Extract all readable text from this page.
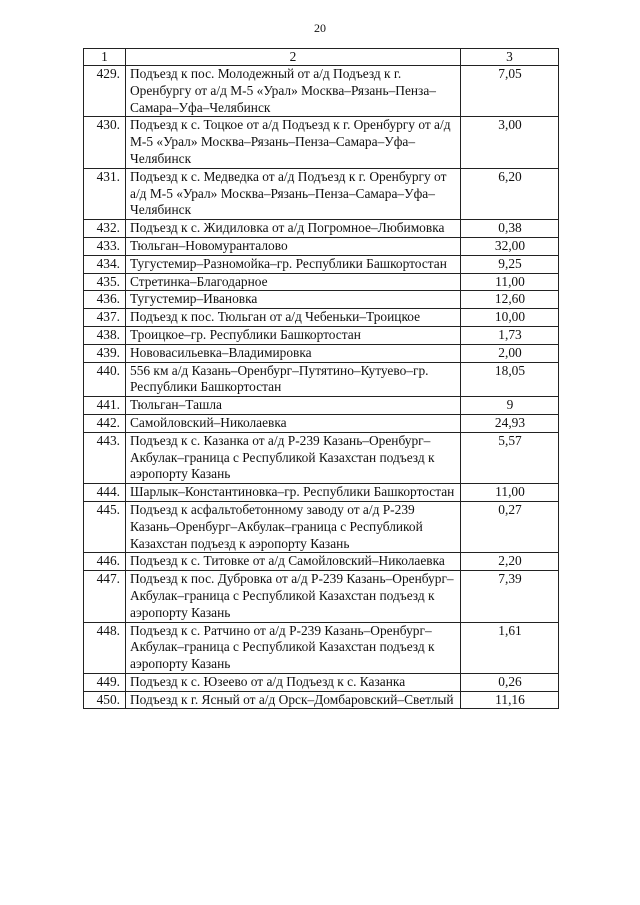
20
1	2	3
429.	Подъезд к пос. Молодежный от а/д Подъезд к г. Оренбургу от а/д М-5 «Урал» Москва–Рязань–Пенза–Самара–Уфа–Челябинск	7,05
430.	Подъезд к с. Тоцкое от а/д Подъезд к г. Оренбургу от а/д М-5 «Урал» Москва–Рязань–Пенза–Самара–Уфа–Челябинск	3,00
431.	Подъезд к с. Медведка от а/д Подъезд к г. Оренбургу от а/д М-5 «Урал» Москва–Рязань–Пенза–Самара–Уфа–Челябинск	6,20
432.	Подъезд к с. Жидиловка от а/д Погромное–Любимовка	0,38
433.	Тюльган–Новомуранталово	32,00
434.	Тугустемир–Разномойка–гр. Республики Башкортостан	9,25
435.	Стретинка–Благодарное	11,00
436.	Тугустемир–Ивановка	12,60
437.	Подъезд к пос. Тюльган от а/д Чебеньки–Троицкое	10,00
438.	Троицкое–гр. Республики Башкортостан	1,73
439.	Нововасильевка–Владимировка	2,00
440.	556 км а/д Казань–Оренбург–Путятино–Кутуево–гр. Республики Башкортостан	18,05
441.	Тюльган–Ташла	9
442.	Самойловский–Николаевка	24,93
443.	Подъезд к с. Казанка от а/д Р-239 Казань–Оренбург–Акбулак–граница с Республикой Казахстан подъезд к аэропорту Казань	5,57
444.	Шарлык–Константиновка–гр. Республики Башкортостан	11,00
445.	Подъезд к асфальтобетонному заводу от а/д Р-239 Казань–Оренбург–Акбулак–граница с Республикой Казахстан подъезд к аэропорту Казань	0,27
446.	Подъезд к с. Титовке от а/д Самойловский–Николаевка	2,20
447.	Подъезд к пос. Дубровка от а/д Р-239 Казань–Оренбург–Акбулак–граница с Республикой Казахстан подъезд к аэропорту Казань	7,39
448.	Подъезд к с. Ратчино от а/д Р-239 Казань–Оренбург–Акбулак–граница с Республикой Казахстан подъезд к аэропорту Казань	1,61
449.	Подъезд к с. Юзеево от а/д Подъезд к с. Казанка	0,26
450.	Подъезд к г. Ясный от а/д Орск–Домбаровский–Светлый	11,16
